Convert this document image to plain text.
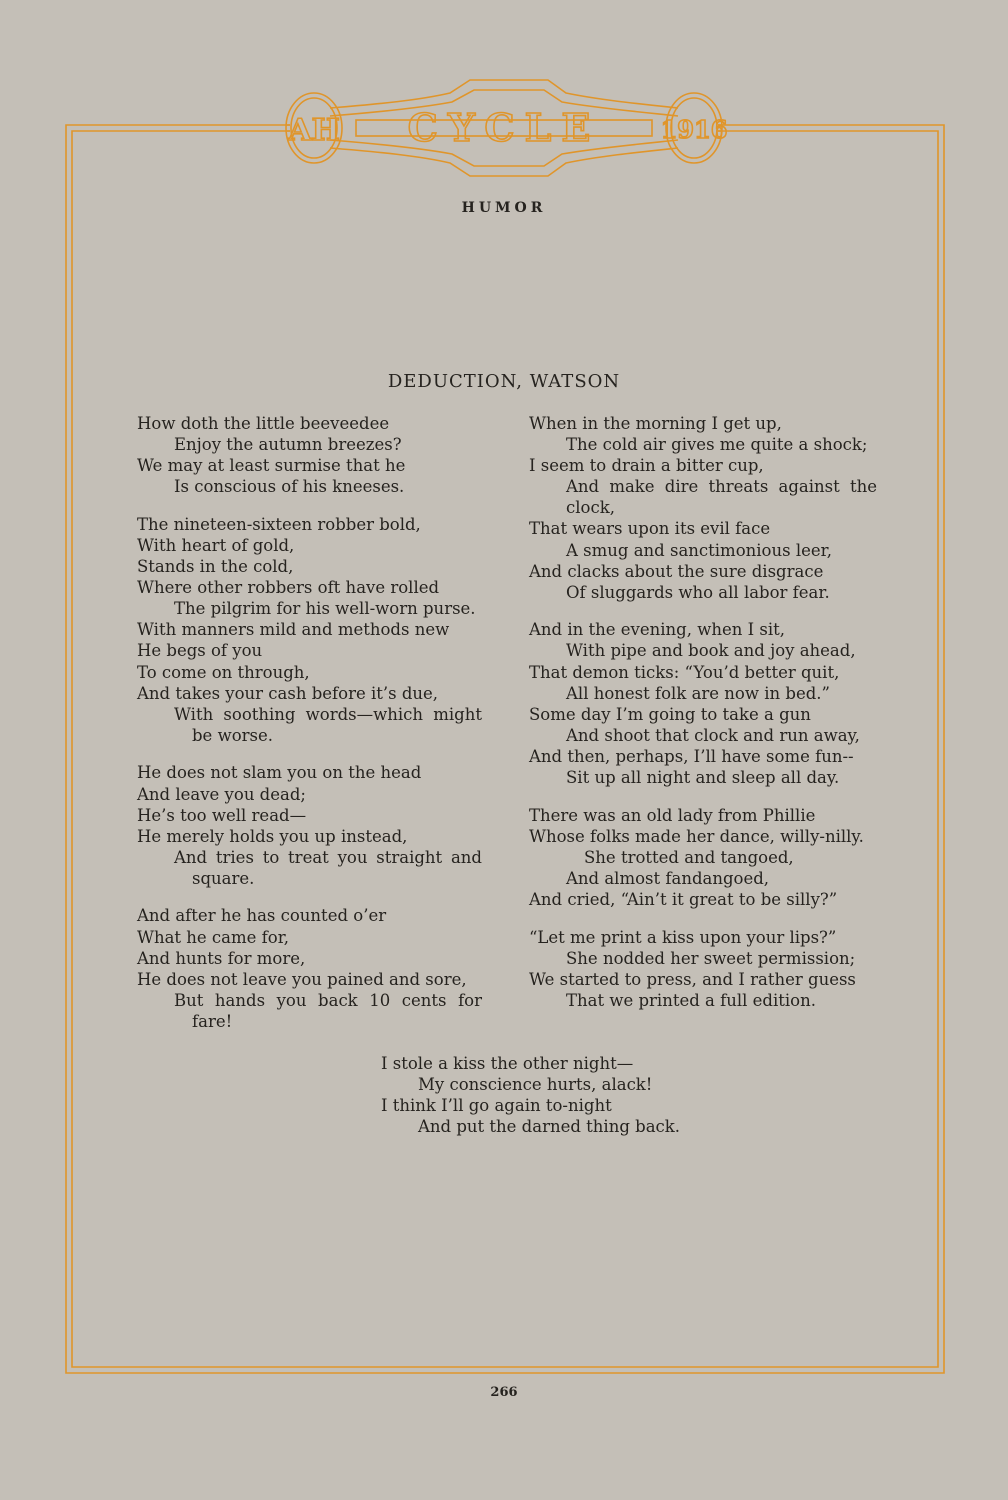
AH CYCLE	1916
HUMOR
DEDUCTION, WATSON
How doth the little beeveedee
Enjoy the autumn breezes?
We may at least surmise that he
Is conscious of his kneeses.
The nineteen-sixteen robber bold,
With heart of gold,
Stands in the cold,
Where other robbers oft have rolled
The pilgrim for his well-worn purse.
With manners mild and methods new
He begs of you
To come on through,
And takes your cash before it’s due,
With soothing words—which might
be worse.
He does not slam you on the head
And leave you dead;
He’s too well read—
He merely holds you up instead,
And tries to treat you straight and
square.
And after he has counted o’er
What he came for,
And hunts for more,
He does not leave you pained and sore,
But hands you back 10 cents for
fare!
When in the morning I get up,
The cold air gives me quite a shock;
I seem to drain a bitter cup,
And make dire threats against the
clock,
That wears upon its evil face
A smug and sanctimonious leer,
And clacks about the sure disgrace
Of sluggards who all labor fear.
And in the evening, when I sit,
With pipe and book and joy ahead,
That demon ticks: “You’d better quit,
All honest folk are now in bed.”
Some day I’m going to take a gun
And shoot that clock and run away,
And then, perhaps, I’ll have some fun--
Sit up all night and sleep all day.
There was an old lady from Phillie
Whose folks made her dance, willy-nilly.
She trotted and tangoed,
And almost fandangoed,
And cried, “Ain’t it great to be silly?”
“Let me print a kiss upon your lips?”
She nodded her sweet permission;
We started to press, and I rather guess
That we printed a full edition.
I stole a kiss the other night—
My conscience hurts, alack!
I think I’ll go again to-night
And put the darned thing back.
266
